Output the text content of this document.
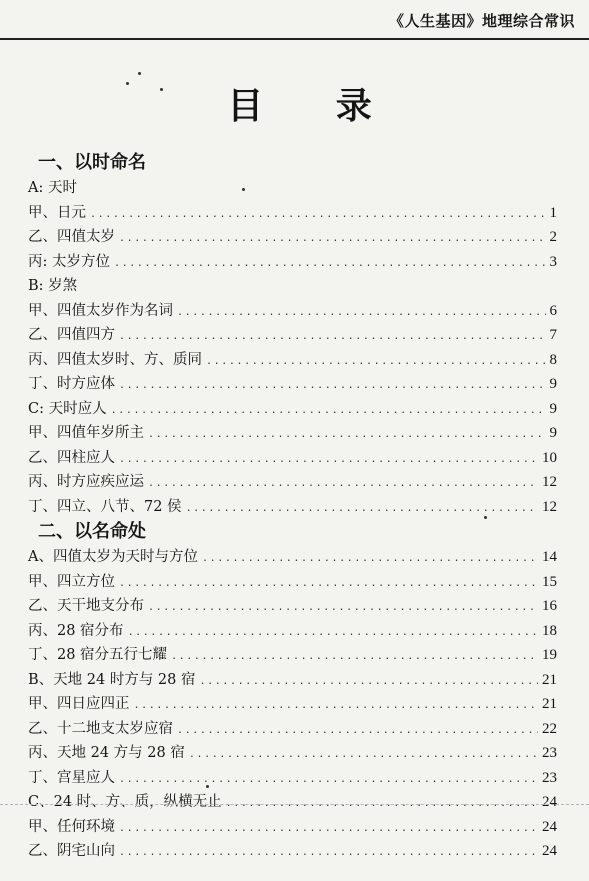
《人生基因》地理综合常识
目 录
一、以时命名
A: 天时
甲、日元 .....	1
乙、四值太岁 .....	2
丙: 太岁方位 .....	3
B: 岁煞
甲、四值太岁作为名词 .....	6
乙、四值四方 .....	7
丙、四值太岁时、方、质同 .....	8
丁、时方应体 .....	9
C: 天时应人 .....	9
甲、四值年岁所主 .....	9
乙、四柱应人 .....	10
丙、时方应疾应运 .....	12
丁、四立、八节、72 侯 .....	12
二、以名命处
A、四值太岁为天时与方位 .....	14
甲、四立方位 .....	15
乙、天干地支分布 .....	16
丙、28 宿分布 .....	18
丁、28 宿分五行七耀 .....	19
B、天地 24 时方与 28 宿 .....	21
甲、四日应四正 .....	21
乙、十二地支太岁应宿 .....	22
丙、天地 24 方与 28 宿 .....	23
丁、宫星应人 .....	23
C、24 时、方、质，纵横无止 .....	24
甲、任何环境 .....	24
乙、阴宅山向 .....	24
